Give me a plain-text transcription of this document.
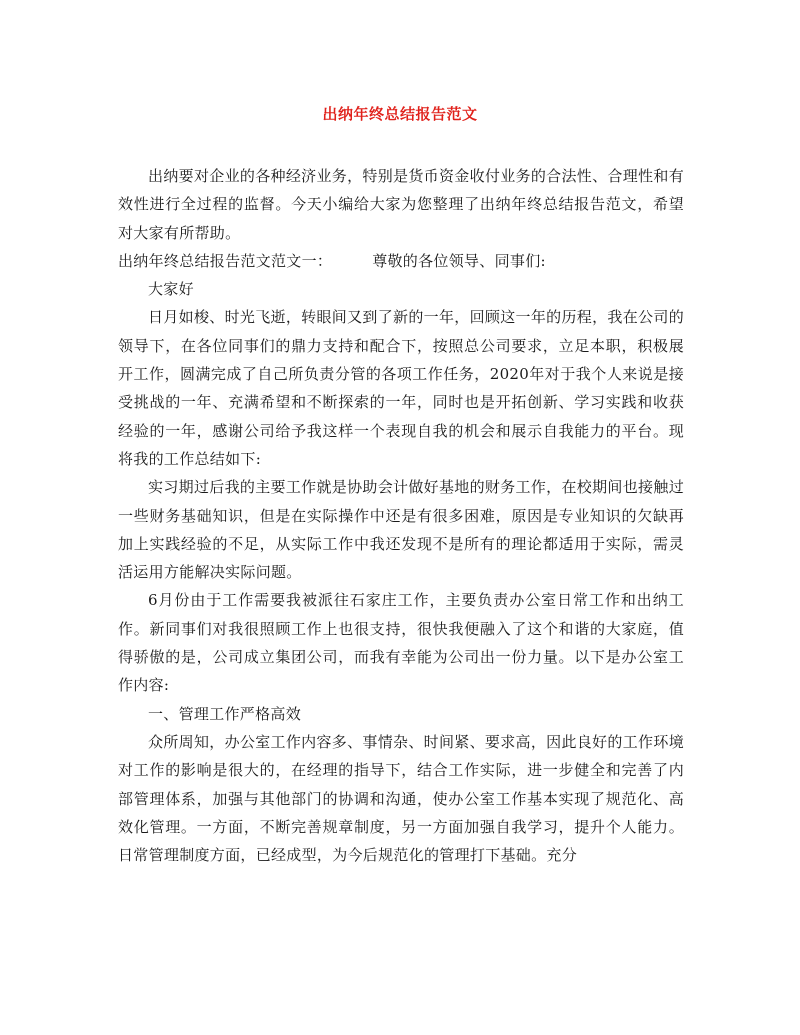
出纳年终总结报告范文

出纳要对企业的各种经济业务，特别是货币资金收付业务的合法性、合理性和有效性进行全过程的监督。今天小编给大家为您整理了出纳年终总结报告范文，希望对大家有所帮助。

出纳年终总结报告范文范文一：	尊敬的各位领导、同事们:

大家好

日月如梭、时光飞逝，转眼间又到了新的一年，回顾这一年的历程，我在公司的领导下，在各位同事们的鼎力支持和配合下，按照总公司要求，立足本职，积极展开工作，圆满完成了自己所负责分管的各项工作任务，2020年对于我个人来说是接受挑战的一年、充满希望和不断探索的一年，同时也是开拓创新、学习实践和收获经验的一年，感谢公司给予我这样一个表现自我的机会和展示自我能力的平台。现将我的工作总结如下:

实习期过后我的主要工作就是协助会计做好基地的财务工作，在校期间也接触过一些财务基础知识，但是在实际操作中还是有很多困难，原因是专业知识的欠缺再加上实践经验的不足，从实际工作中我还发现不是所有的理论都适用于实际，需灵活运用方能解决实际问题。

6月份由于工作需要我被派往石家庄工作，主要负责办公室日常工作和出纳工作。新同事们对我很照顾工作上也很支持，很快我便融入了这个和谐的大家庭，值得骄傲的是，公司成立集团公司，而我有幸能为公司出一份力量。以下是办公室工作内容:

一、管理工作严格高效

众所周知，办公室工作内容多、事情杂、时间紧、要求高，因此良好的工作环境对工作的影响是很大的，在经理的指导下，结合工作实际，进一步健全和完善了内部管理体系，加强与其他部门的协调和沟通，使办公室工作基本实现了规范化、高效化管理。一方面，不断完善规章制度，另一方面加强自我学习，提升个人能力。日常管理制度方面，已经成型，为今后规范化的管理打下基础。充分
